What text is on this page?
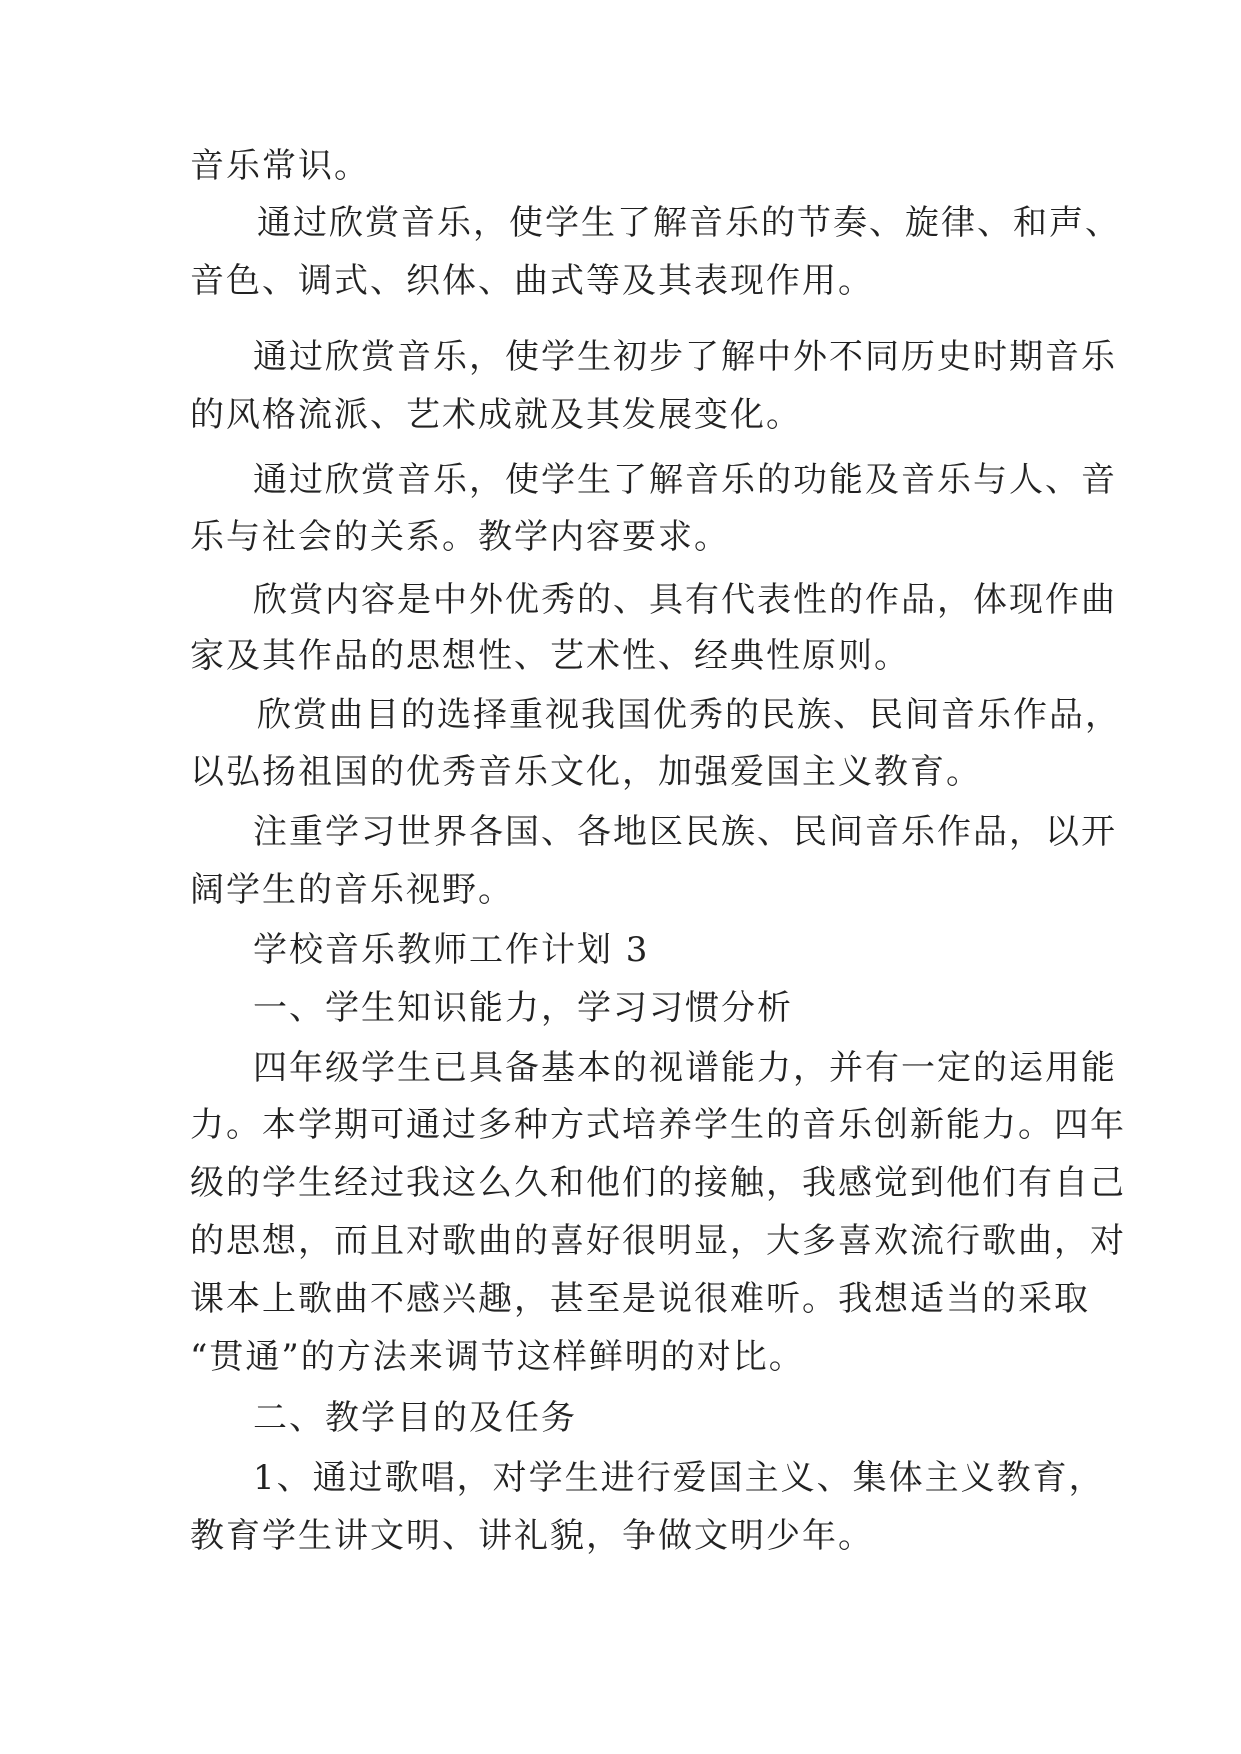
音乐常识。
通过欣赏音乐，使学生了解音乐的节奏、旋律、和声、
音色、调式、织体、曲式等及其表现作用。
通过欣赏音乐，使学生初步了解中外不同历史时期音乐
的风格流派、艺术成就及其发展变化。
通过欣赏音乐，使学生了解音乐的功能及音乐与人、音
乐与社会的关系。教学内容要求。
欣赏内容是中外优秀的、具有代表性的作品，体现作曲
家及其作品的思想性、艺术性、经典性原则。
欣赏曲目的选择重视我国优秀的民族、民间音乐作品，
以弘扬祖国的优秀音乐文化，加强爱国主义教育。
注重学习世界各国、各地区民族、民间音乐作品，以开
阔学生的音乐视野。
学校音乐教师工作计划 3
一、学生知识能力，学习习惯分析
四年级学生已具备基本的视谱能力，并有一定的运用能
力。本学期可通过多种方式培养学生的音乐创新能力。四年
级的学生经过我这么久和他们的接触，我感觉到他们有自己
的思想，而且对歌曲的喜好很明显，大多喜欢流行歌曲，对
课本上歌曲不感兴趣，甚至是说很难听。我想适当的采取
“贯通”的方法来调节这样鲜明的对比。
二、教学目的及任务
1、通过歌唱，对学生进行爱国主义、集体主义教育，
教育学生讲文明、讲礼貌，争做文明少年。
